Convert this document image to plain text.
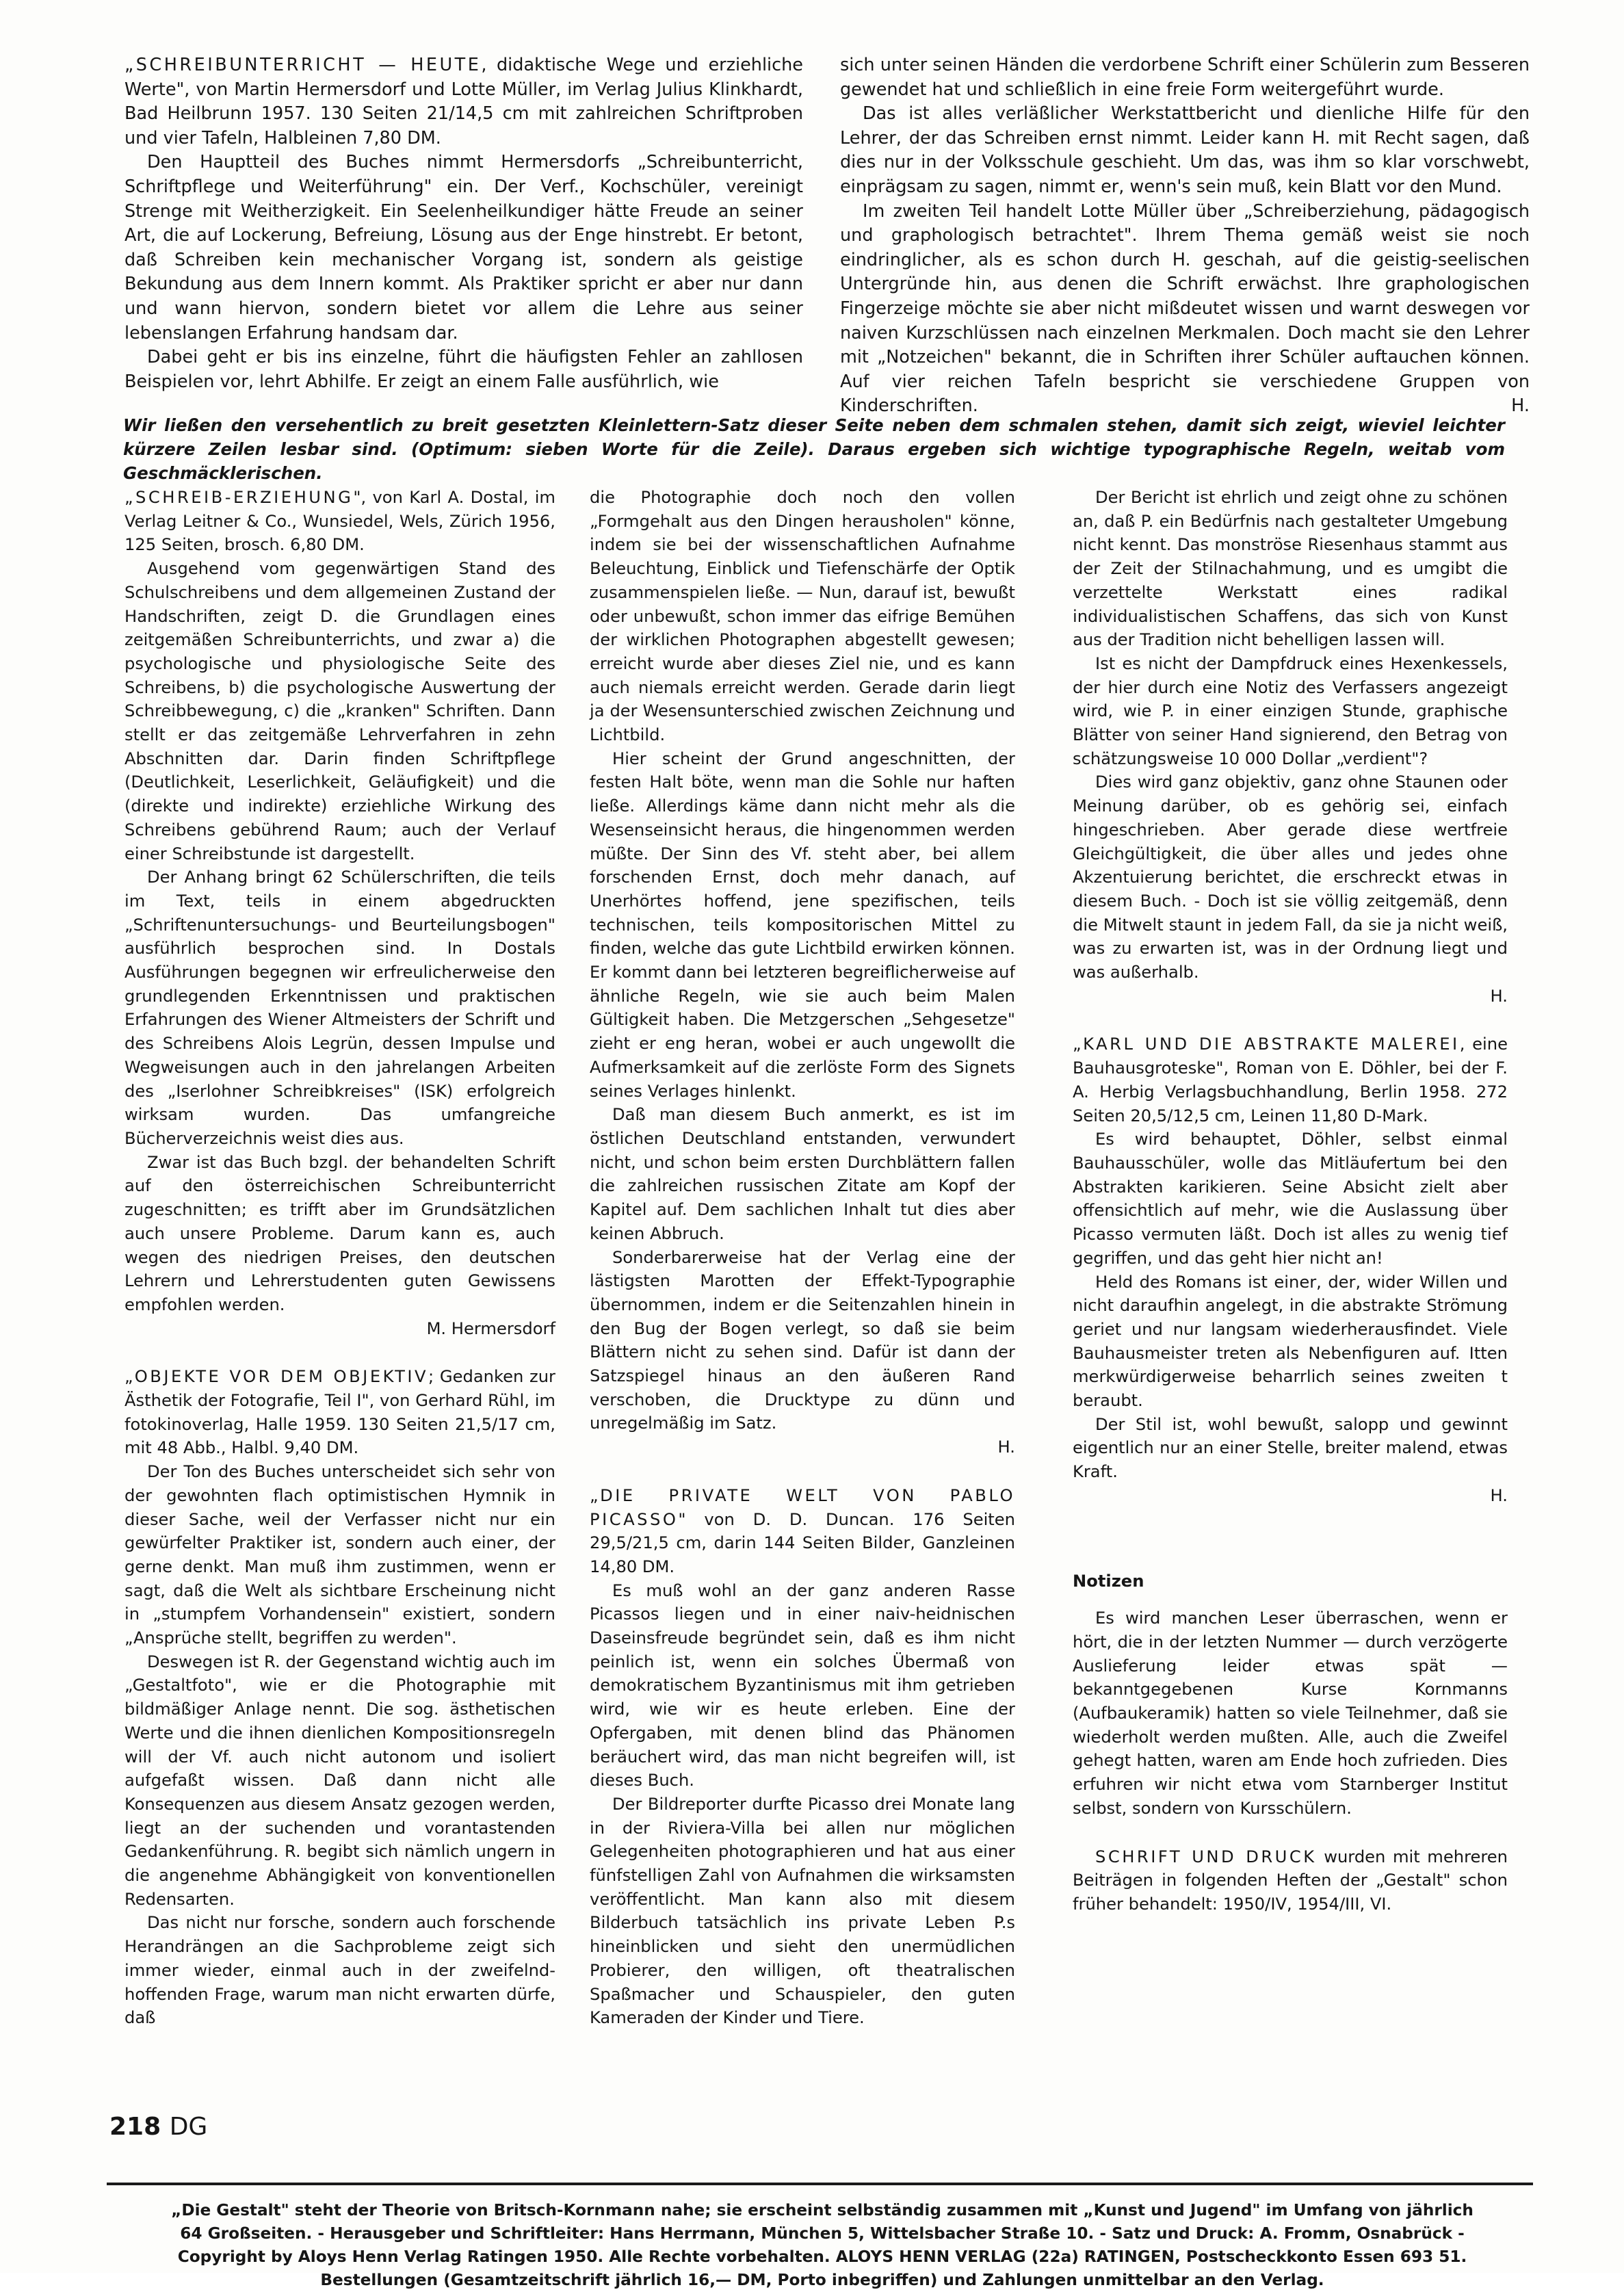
„SCHREIBUNTERRICHT — HEUTE, didaktische Wege und erziehliche Werte", von Martin Hermersdorf und Lotte Müller, im Verlag Julius Klinkhardt, Bad Heilbrunn 1957. 130 Seiten 21/14,5 cm mit zahlreichen Schriftproben und vier Tafeln, Halbleinen 7,80 DM.

Den Hauptteil des Buches nimmt Hermersdorfs „Schreibunterricht, Schriftpflege und Weiterführung" ein. Der Verf., Kochschüler, vereinigt Strenge mit Weitherzigkeit. Ein Seelenheilkundiger hätte Freude an seiner Art, die auf Lockerung, Befreiung, Lösung aus der Enge hinstrebt. Er betont, daß Schreiben kein mechanischer Vorgang ist, sondern als geistige Bekundung aus dem Innern kommt. Als Praktiker spricht er aber nur dann und wann hiervon, sondern bietet vor allem die Lehre aus seiner lebenslangen Erfahrung handsam dar.

Dabei geht er bis ins einzelne, führt die häufigsten Fehler an zahllosen Beispielen vor, lehrt Abhilfe. Er zeigt an einem Falle ausführlich, wie

sich unter seinen Händen die verdorbene Schrift einer Schülerin zum Besseren gewendet hat und schließlich in eine freie Form weitergeführt wurde.

Das ist alles verläßlicher Werkstattbericht und dienliche Hilfe für den Lehrer, der das Schreiben ernst nimmt. Leider kann H. mit Recht sagen, daß dies nur in der Volksschule geschieht. Um das, was ihm so klar vorschwebt, einprägsam zu sagen, nimmt er, wenn's sein muß, kein Blatt vor den Mund.

Im zweiten Teil handelt Lotte Müller über „Schreiberziehung, pädagogisch und graphologisch betrachtet". Ihrem Thema gemäß weist sie noch eindringlicher, als es schon durch H. geschah, auf die geistig-seelischen Untergründe hin, aus denen die Schrift erwächst. Ihre graphologischen Fingerzeige möchte sie aber nicht mißdeutet wissen und warnt deswegen vor naiven Kurzschlüssen nach einzelnen Merkmalen. Doch macht sie den Lehrer mit „Notzeichen" bekannt, die in Schriften ihrer Schüler auftauchen können. Auf vier reichen Tafeln bespricht sie verschiedene Gruppen von Kinderschriften.	H.

Wir ließen den versehentlich zu breit gesetzten Kleinlettern-Satz dieser Seite neben dem schmalen stehen, damit sich zeigt, wieviel leichter kürzere Zeilen lesbar sind. (Optimum: sieben Worte für die Zeile). Daraus ergeben sich wichtige typographische Regeln, weitab vom Geschmäcklerischen.

„SCHREIB-ERZIEHUNG", von Karl A. Dostal, im Verlag Leitner & Co., Wunsiedel, Wels, Zürich 1956, 125 Seiten, brosch. 6,80 DM.

Ausgehend vom gegenwärtigen Stand des Schulschreibens und dem allgemeinen Zustand der Handschriften, zeigt D. die Grundlagen eines zeitgemäßen Schreibunterrichts, und zwar a) die psychologische und physiologische Seite des Schreibens, b) die psychologische Auswertung der Schreibbewegung, c) die „kranken" Schriften. Dann stellt er das zeitgemäße Lehrverfahren in zehn Abschnitten dar. Darin finden Schriftpflege (Deutlichkeit, Leserlichkeit, Geläufigkeit) und die (direkte und indirekte) erziehliche Wirkung des Schreibens gebührend Raum; auch der Verlauf einer Schreibstunde ist dargestellt.

Der Anhang bringt 62 Schülerschriften, die teils im Text, teils in einem abgedruckten „Schriftenuntersuchungs- und Beurteilungsbogen" ausführlich besprochen sind. In Dostals Ausführungen begegnen wir erfreulicherweise den grundlegenden Erkenntnissen und praktischen Erfahrungen des Wiener Altmeisters der Schrift und des Schreibens Alois Legrün, dessen Impulse und Wegweisungen auch in den jahrelangen Arbeiten des „Iserlohner Schreibkreises" (ISK) erfolgreich wirksam wurden. Das umfangreiche Bücherverzeichnis weist dies aus.

Zwar ist das Buch bzgl. der behandelten Schrift auf den österreichischen Schreibunterricht zugeschnitten; es trifft aber im Grundsätzlichen auch unsere Probleme. Darum kann es, auch wegen des niedrigen Preises, den deutschen Lehrern und Lehrerstudenten guten Gewissens empfohlen werden.

M. Hermersdorf

„OBJEKTE VOR DEM OBJEKTIV; Gedanken zur Ästhetik der Fotografie, Teil I", von Gerhard Rühl, im fotokinoverlag, Halle 1959. 130 Seiten 21,5/17 cm, mit 48 Abb., Halbl. 9,40 DM.

Der Ton des Buches unterscheidet sich sehr von der gewohnten flach optimistischen Hymnik in dieser Sache, weil der Verfasser nicht nur ein gewürfelter Praktiker ist, sondern auch einer, der gerne denkt. Man muß ihm zustimmen, wenn er sagt, daß die Welt als sichtbare Erscheinung nicht in „stumpfem Vorhandensein" existiert, sondern „Ansprüche stellt, begriffen zu werden".

Deswegen ist R. der Gegenstand wichtig auch im „Gestaltfoto", wie er die Photographie mit bildmäßiger Anlage nennt. Die sog. ästhetischen Werte und die ihnen dienlichen Kompositionsregeln will der Vf. auch nicht autonom und isoliert aufgefaßt wissen. Daß dann nicht alle Konsequenzen aus diesem Ansatz gezogen werden, liegt an der suchenden und vorantastenden Gedankenführung. R. begibt sich nämlich ungern in die angenehme Abhängigkeit von konventionellen Redensarten.

Das nicht nur forsche, sondern auch forschende Herandrängen an die Sachprobleme zeigt sich immer wieder, einmal auch in der zweifelnd-hoffenden Frage, warum man nicht erwarten dürfe, daß

die Photographie doch noch den vollen „Formgehalt aus den Dingen herausholen" könne, indem sie bei der wissenschaftlichen Aufnahme Beleuchtung, Einblick und Tiefenschärfe der Optik zusammenspielen ließe. — Nun, darauf ist, bewußt oder unbewußt, schon immer das eifrige Bemühen der wirklichen Photographen abgestellt gewesen; erreicht wurde aber dieses Ziel nie, und es kann auch niemals erreicht werden. Gerade darin liegt ja der Wesensunterschied zwischen Zeichnung und Lichtbild.

Hier scheint der Grund angeschnitten, der festen Halt böte, wenn man die Sohle nur haften ließe. Allerdings käme dann nicht mehr als die Wesenseinsicht heraus, die hingenommen werden müßte. Der Sinn des Vf. steht aber, bei allem forschenden Ernst, doch mehr danach, auf Unerhörtes hoffend, jene spezifischen, teils technischen, teils kompositorischen Mittel zu finden, welche das gute Lichtbild erwirken können. Er kommt dann bei letzteren begreiflicherweise auf ähnliche Regeln, wie sie auch beim Malen Gültigkeit haben. Die Metzgerschen „Sehgesetze" zieht er eng heran, wobei er auch ungewollt die Aufmerksamkeit auf die zerlöste Form des Signets seines Verlages hinlenkt.

Daß man diesem Buch anmerkt, es ist im östlichen Deutschland entstanden, verwundert nicht, und schon beim ersten Durchblättern fallen die zahlreichen russischen Zitate am Kopf der Kapitel auf. Dem sachlichen Inhalt tut dies aber keinen Abbruch.

Sonderbarerweise hat der Verlag eine der lästigsten Marotten der Effekt-Typographie übernommen, indem er die Seitenzahlen hinein in den Bug der Bogen verlegt, so daß sie beim Blättern nicht zu sehen sind. Dafür ist dann der Satzspiegel hinaus an den äußeren Rand verschoben, die Drucktype zu dünn und unregelmäßig im Satz.

H.

„DIE PRIVATE WELT VON PABLO PICASSO" von D. D. Duncan. 176 Seiten 29,5/21,5 cm, darin 144 Seiten Bilder, Ganzleinen 14,80 DM.

Es muß wohl an der ganz anderen Rasse Picassos liegen und in einer naiv-heidnischen Daseinsfreude begründet sein, daß es ihm nicht peinlich ist, wenn ein solches Übermaß von demokratischem Byzantinismus mit ihm getrieben wird, wie wir es heute erleben. Eine der Opfergaben, mit denen blind das Phänomen beräuchert wird, das man nicht begreifen will, ist dieses Buch.

Der Bildreporter durfte Picasso drei Monate lang in der Riviera-Villa bei allen nur möglichen Gelegenheiten photographieren und hat aus einer fünfstelligen Zahl von Aufnahmen die wirksamsten veröffentlicht. Man kann also mit diesem Bilderbuch tatsächlich ins private Leben P.s hineinblicken und sieht den unermüdlichen Probierer, den willigen, oft theatralischen Spaßmacher und Schauspieler, den guten Kameraden der Kinder und Tiere.

Der Bericht ist ehrlich und zeigt ohne zu schönen an, daß P. ein Bedürfnis nach gestalteter Umgebung nicht kennt. Das monströse Riesenhaus stammt aus der Zeit der Stilnachahmung, und es umgibt die verzettelte Werkstatt eines radikal individualistischen Schaffens, das sich von Kunst aus der Tradition nicht behelligen lassen will.

Ist es nicht der Dampfdruck eines Hexenkessels, der hier durch eine Notiz des Verfassers angezeigt wird, wie P. in einer einzigen Stunde, graphische Blätter von seiner Hand signierend, den Betrag von schätzungsweise 10 000 Dollar „verdient"?

Dies wird ganz objektiv, ganz ohne Staunen oder Meinung darüber, ob es gehörig sei, einfach hingeschrieben. Aber gerade diese wertfreie Gleichgültigkeit, die über alles und jedes ohne Akzentuierung berichtet, die erschreckt etwas in diesem Buch. - Doch ist sie völlig zeitgemäß, denn die Mitwelt staunt in jedem Fall, da sie ja nicht weiß, was zu erwarten ist, was in der Ordnung liegt und was außerhalb.

H.

„KARL UND DIE ABSTRAKTE MALEREI, eine Bauhausgroteske", Roman von E. Döhler, bei der F. A. Herbig Verlagsbuchhandlung, Berlin 1958. 272 Seiten 20,5/12,5 cm, Leinen 11,80 D-Mark.

Es wird behauptet, Döhler, selbst einmal Bauhausschüler, wolle das Mitläufertum bei den Abstrakten karikieren. Seine Absicht zielt aber offensichtlich auf mehr, wie die Auslassung über Picasso vermuten läßt. Doch ist alles zu wenig tief gegriffen, und das geht hier nicht an!

Held des Romans ist einer, der, wider Willen und nicht daraufhin angelegt, in die abstrakte Strömung geriet und nur langsam wiederherausfindet. Viele Bauhausmeister treten als Nebenfiguren auf. Itten merkwürdigerweise beharrlich seines zweiten t beraubt.

Der Stil ist, wohl bewußt, salopp und gewinnt eigentlich nur an einer Stelle, breiter malend, etwas Kraft.

H.

Notizen

Es wird manchen Leser überraschen, wenn er hört, die in der letzten Nummer — durch verzögerte Auslieferung leider etwas spät — bekanntgegebenen Kurse Kornmanns (Aufbaukeramik) hatten so viele Teilnehmer, daß sie wiederholt werden mußten. Alle, auch die Zweifel gehegt hatten, waren am Ende hoch zufrieden. Dies erfuhren wir nicht etwa vom Starnberger Institut selbst, sondern von Kursschülern.

SCHRIFT UND DRUCK wurden mit mehreren Beiträgen in folgenden Heften der „Gestalt" schon früher behandelt: 1950/IV, 1954/III, VI.

218 DG

„Die Gestalt" steht der Theorie von Britsch-Kornmann nahe; sie erscheint selbständig zusammen mit „Kunst und Jugend" im Umfang von jährlich

64 Großseiten. - Herausgeber und Schriftleiter: Hans Herrmann, München 5, Wittelsbacher Straße 10. - Satz und Druck: A. Fromm, Osnabrück -

Copyright by Aloys Henn Verlag Ratingen 1950. Alle Rechte vorbehalten. ALOYS HENN VERLAG (22a) RATINGEN, Postscheckkonto Essen 693 51.

Bestellungen (Gesamtzeitschrift jährlich 16,— DM, Porto inbegriffen) und Zahlungen unmittelbar an den Verlag.
